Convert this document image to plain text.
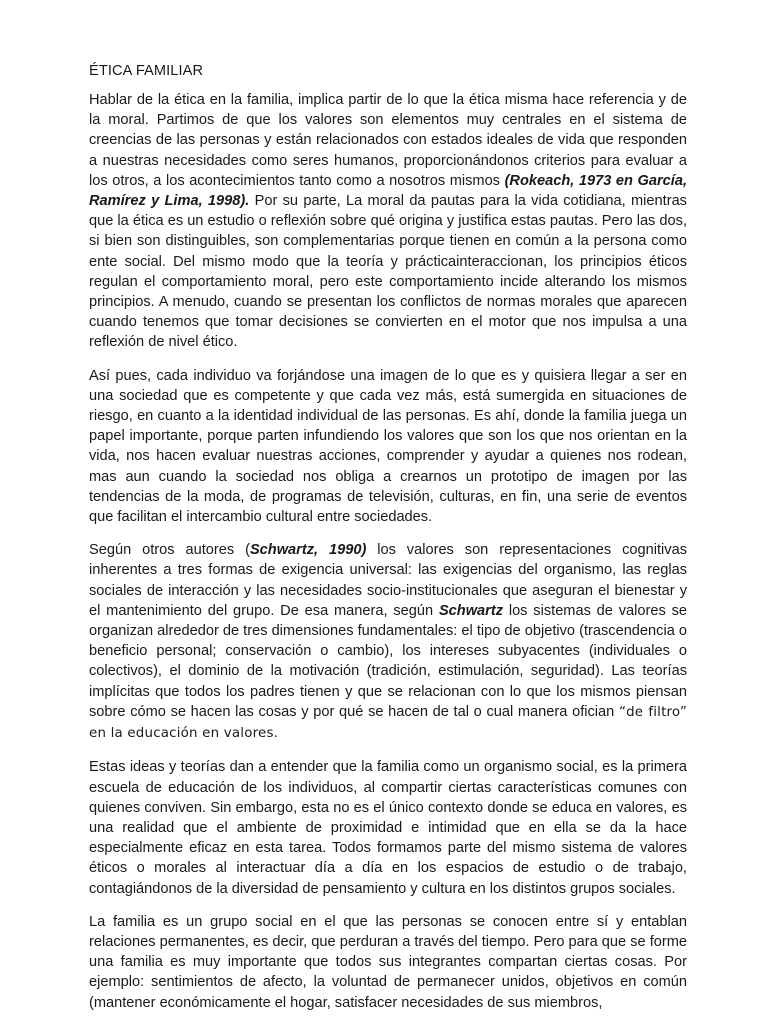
ÉTICA FAMILIAR

Hablar de la ética en la familia, implica partir de lo que la ética misma hace referencia y de la moral. Partimos de que los valores son elementos muy centrales en el sistema de creencias de las personas y están relacionados con estados ideales de vida que responden a nuestras necesidades como seres humanos, proporcionándonos criterios para evaluar a los otros, a los acontecimientos tanto como a nosotros mismos (Rokeach, 1973 en García, Ramírez y Lima, 1998). Por su parte, La moral da pautas para la vida cotidiana, mientras que la ética es un estudio o reflexión sobre qué origina y justifica estas pautas. Pero las dos, si bien son distinguibles, son complementarias porque tienen en común a la persona como ente social. Del mismo modo que la teoría y prácticainteraccionan, los principios éticos regulan el comportamiento moral, pero este comportamiento incide alterando los mismos principios. A menudo, cuando se presentan los conflictos de normas morales que aparecen cuando tenemos que tomar decisiones se convierten en el motor que nos impulsa a una reflexión de nivel ético.

Así pues, cada individuo va forjándose una imagen de lo que es y quisiera llegar a ser en una sociedad que es competente y que cada vez más, está sumergida en situaciones de riesgo, en cuanto a la identidad individual de las personas. Es ahí, donde la familia juega un papel importante, porque parten infundiendo los valores que son los que nos orientan en la vida, nos hacen evaluar nuestras acciones, comprender y ayudar a quienes nos rodean, mas aun cuando la sociedad nos obliga a crearnos un prototipo de imagen por las tendencias de la moda, de programas de televisión, culturas, en fin, una serie de eventos que facilitan el intercambio cultural entre sociedades.

Según otros autores (Schwartz, 1990) los valores son representaciones cognitivas inherentes a tres formas de exigencia universal: las exigencias del organismo, las reglas sociales de interacción y las necesidades socio-institucionales que aseguran el bienestar y el mantenimiento del grupo. De esa manera, según Schwartz los sistemas de valores se organizan alrededor de tres dimensiones fundamentales: el tipo de objetivo (trascendencia o beneficio personal; conservación o cambio), los intereses subyacentes (individuales o colectivos), el dominio de la motivación (tradición, estimulación, seguridad). Las teorías implícitas que todos los padres tienen y que se relacionan con lo que los mismos piensan sobre cómo se hacen las cosas y por qué se hacen de tal o cual manera ofician “de filtro” en la educación en valores.

Estas ideas y teorías dan a entender que la familia como un organismo social, es la primera escuela de educación de los individuos, al compartir ciertas características comunes con quienes conviven. Sin embargo, esta no es el único contexto donde se educa en valores, es una realidad que el ambiente de proximidad e intimidad que en ella se da la hace especialmente eficaz en esta tarea. Todos formamos parte del mismo sistema de valores éticos o morales al interactuar día a día en los espacios de estudio o de trabajo, contagiándonos de la diversidad de pensamiento y cultura en los distintos grupos sociales.

La familia es un grupo social en el que las personas se conocen entre sí y entablan relaciones permanentes, es decir, que perduran a través del tiempo. Pero para que se forme una familia es muy importante que todos sus integrantes compartan ciertas cosas. Por ejemplo: sentimientos de afecto, la voluntad de permanecer unidos, objetivos en común (mantener económicamente el hogar, satisfacer necesidades de sus miembros,
